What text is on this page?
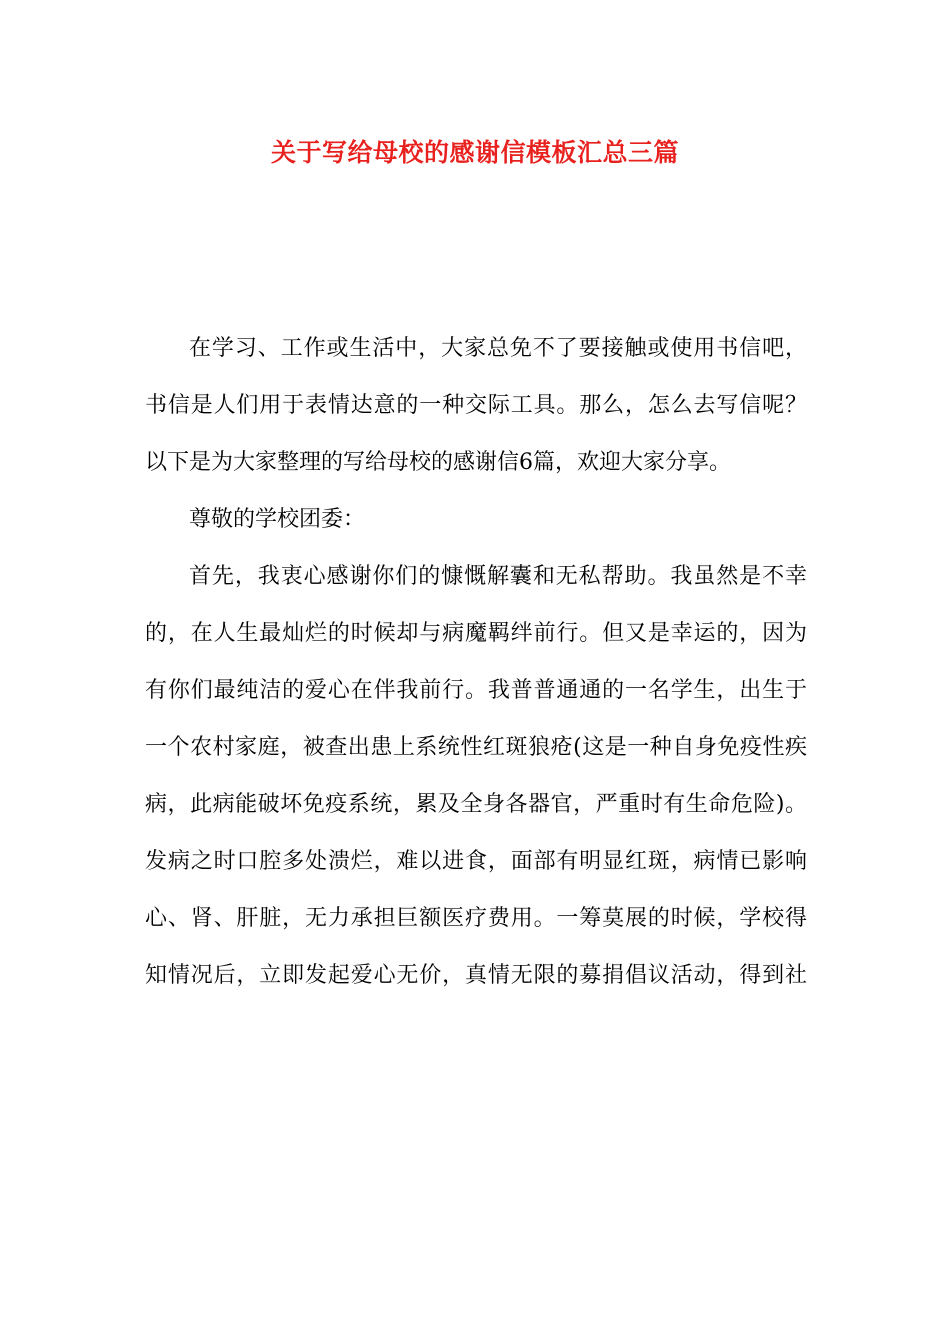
关于写给母校的感谢信模板汇总三篇
在学习、工作或生活中，大家总免不了要接触或使用书信吧，
书信是人们用于表情达意的一种交际工具。那么，怎么去写信呢？
以下是为大家整理的写给母校的感谢信6篇，欢迎大家分享。
尊敬的学校团委：
首先，我衷心感谢你们的慷慨解囊和无私帮助。我虽然是不幸
的，在人生最灿烂的时候却与病魔羁绊前行。但又是幸运的，因为
有你们最纯洁的爱心在伴我前行。我普普通通的一名学生，出生于
一个农村家庭，被查出患上系统性红斑狼疮(这是一种自身免疫性疾
病，此病能破坏免疫系统，累及全身各器官，严重时有生命危险)。
发病之时口腔多处溃烂，难以进食，面部有明显红斑，病情已影响
心、肾、肝脏，无力承担巨额医疗费用。一筹莫展的时候，学校得
知情况后，立即发起爱心无价，真情无限的募捐倡议活动，得到社
